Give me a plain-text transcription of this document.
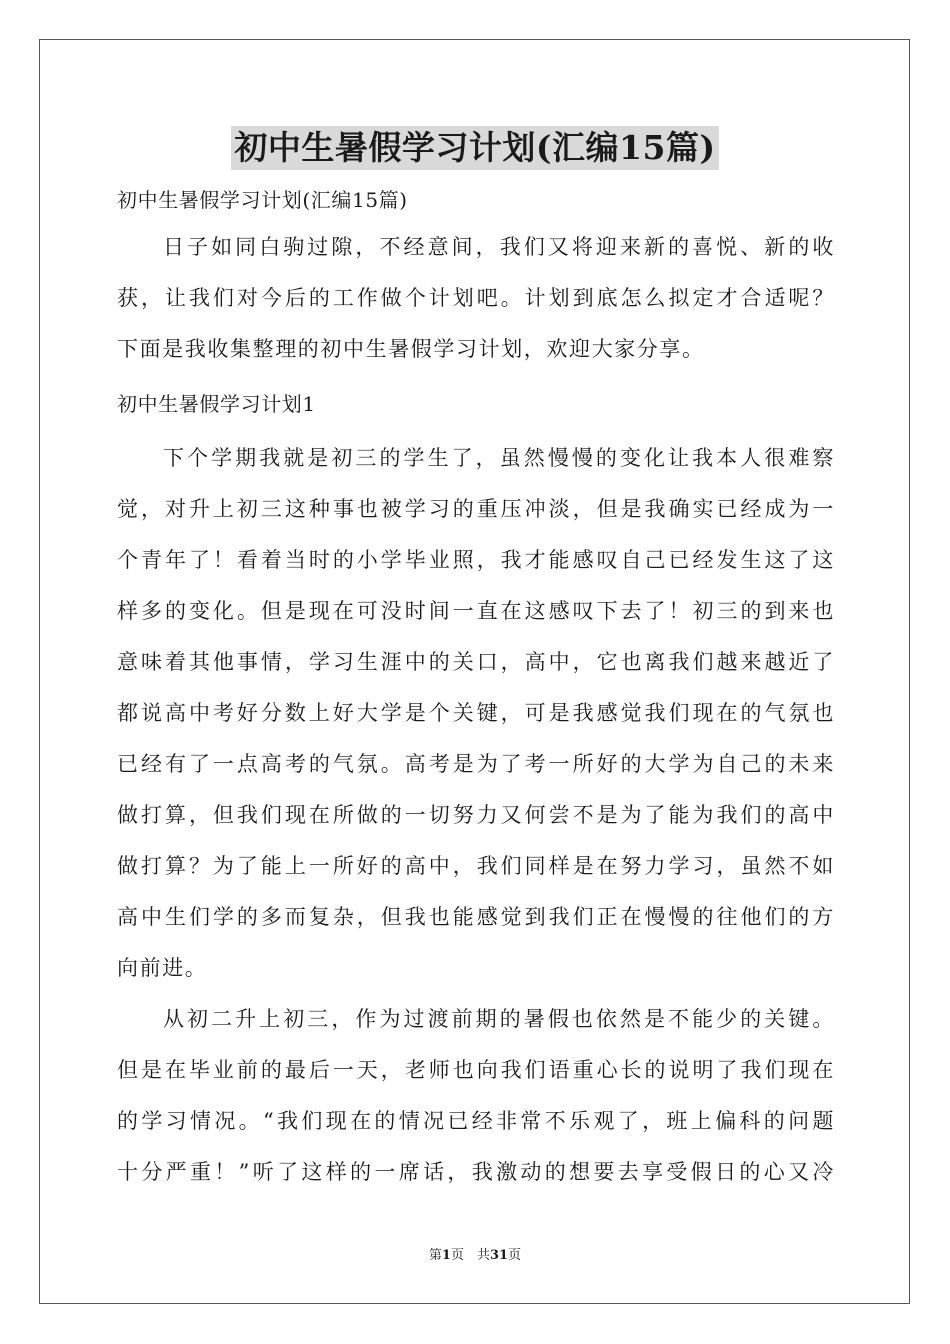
初中生暑假学习计划(汇编15篇)
初中生暑假学习计划(汇编15篇)
日子如同白驹过隙，不经意间，我们又将迎来新的喜悦、新的收
获，让我们对今后的工作做个计划吧。计划到底怎么拟定才合适呢？
下面是我收集整理的初中生暑假学习计划，欢迎大家分享。
初中生暑假学习计划1
下个学期我就是初三的学生了，虽然慢慢的变化让我本人很难察
觉，对升上初三这种事也被学习的重压冲淡，但是我确实已经成为一
个青年了！看着当时的小学毕业照，我才能感叹自己已经发生这了这
样多的变化。但是现在可没时间一直在这感叹下去了！初三的到来也
意味着其他事情，学习生涯中的关口，高中，它也离我们越来越近了
都说高中考好分数上好大学是个关键，可是我感觉我们现在的气氛也
已经有了一点高考的气氛。高考是为了考一所好的大学为自己的未来
做打算，但我们现在所做的一切努力又何尝不是为了能为我们的高中
做打算？为了能上一所好的高中，我们同样是在努力学习，虽然不如
高中生们学的多而复杂，但我也能感觉到我们正在慢慢的往他们的方
向前进。
从初二升上初三，作为过渡前期的暑假也依然是不能少的关键。
但是在毕业前的最后一天，老师也向我们语重心长的说明了我们现在
的学习情况。“我们现在的情况已经非常不乐观了，班上偏科的问题
十分严重！”听了这样的一席话，我激动的想要去享受假日的心又冷
第1页　共31页
